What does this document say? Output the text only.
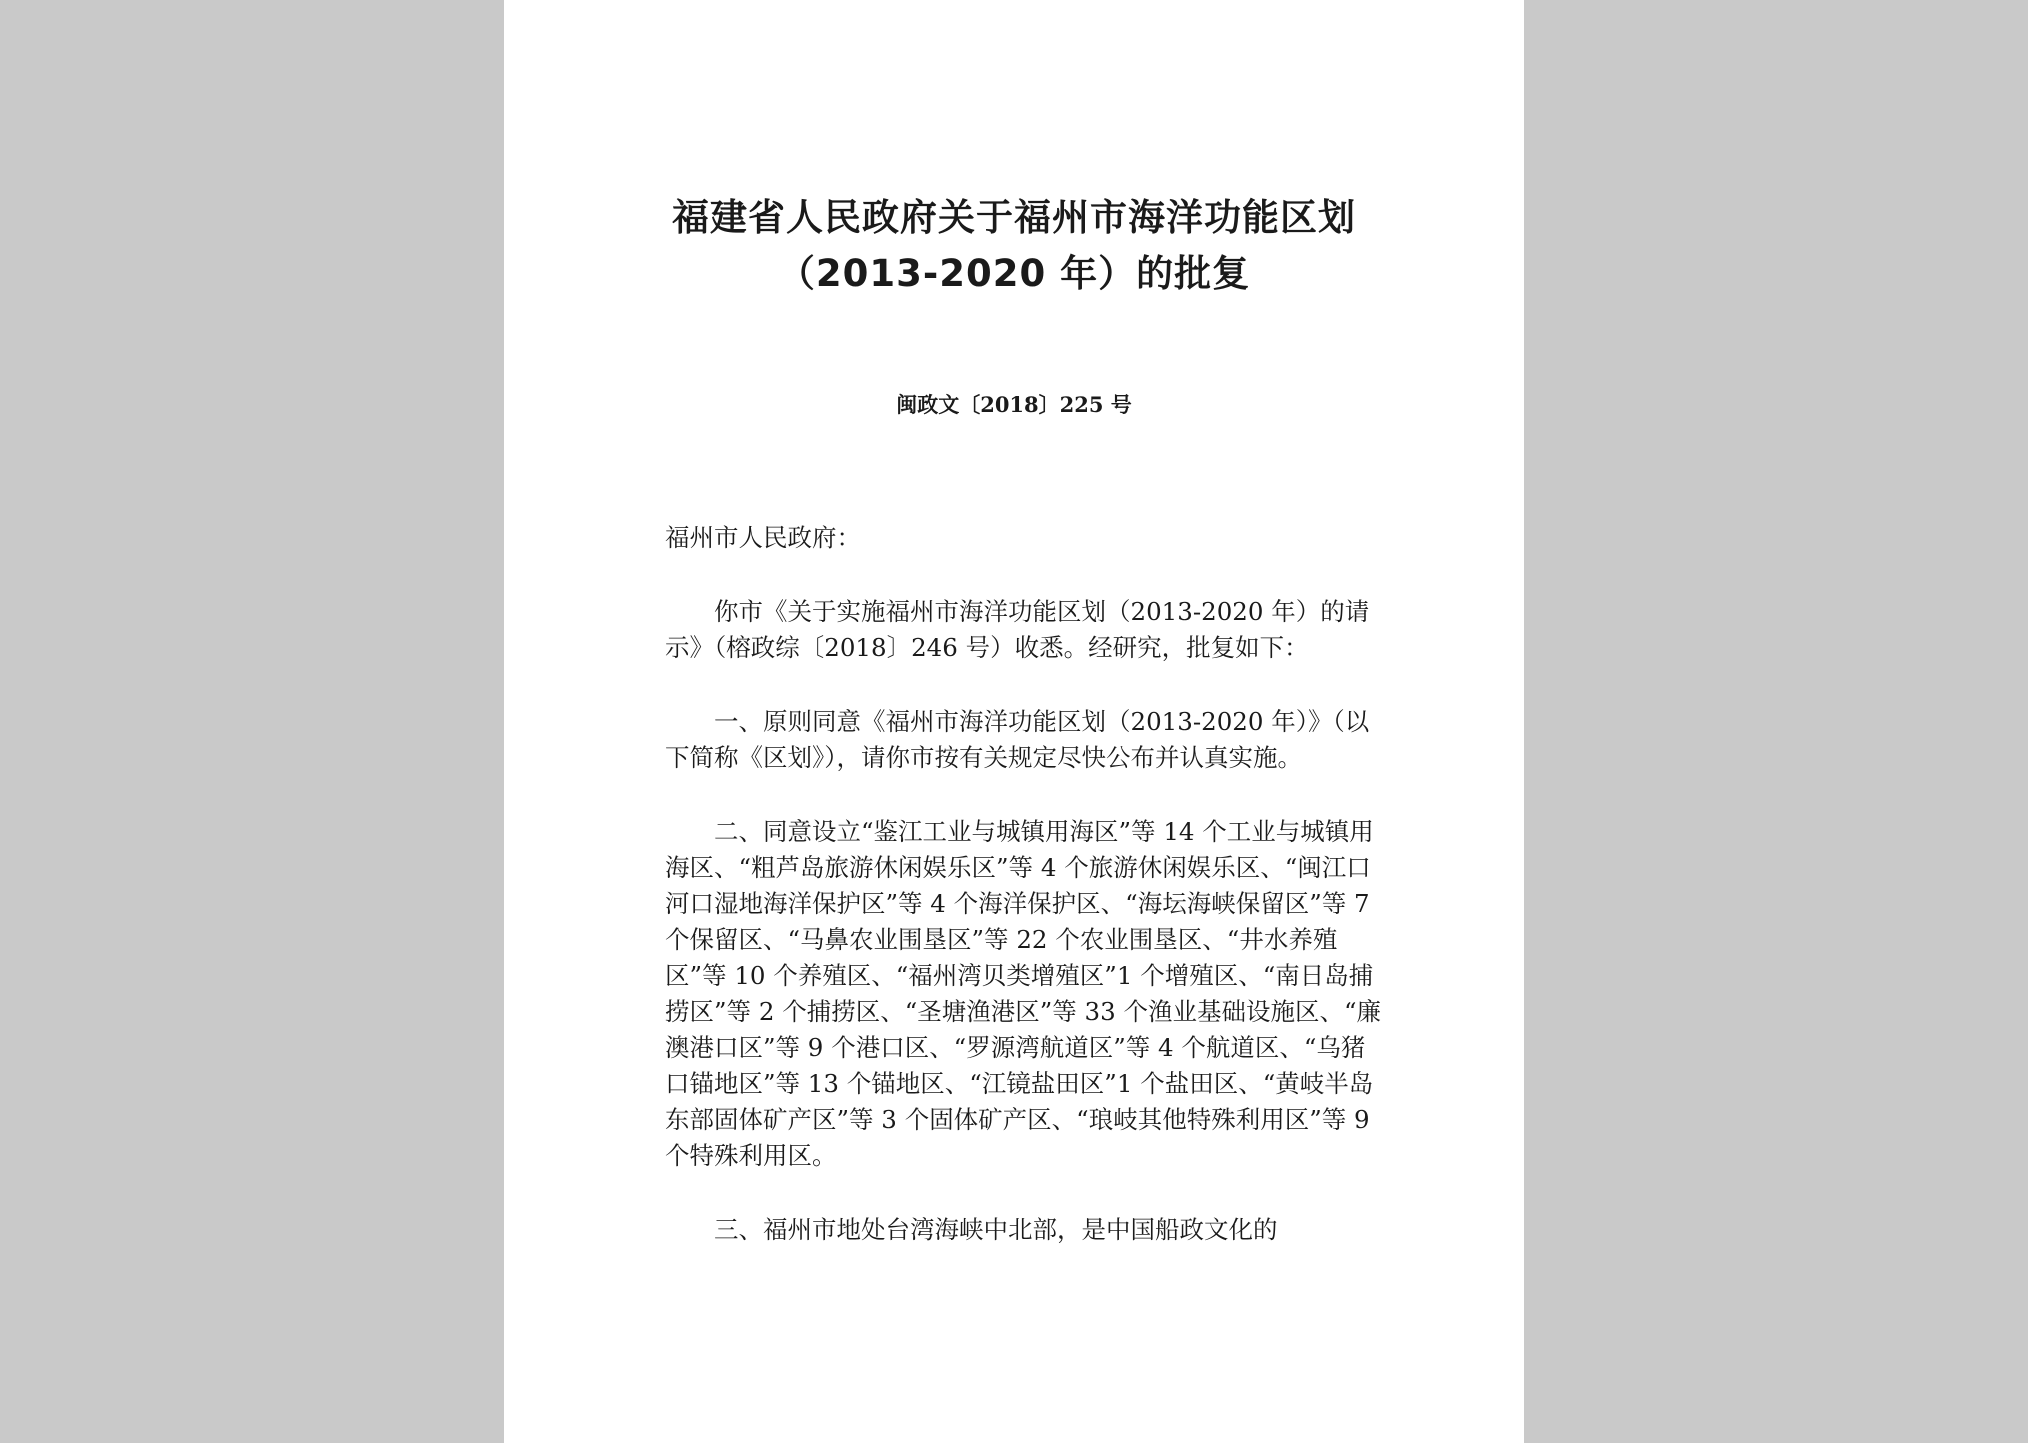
福建省人民政府关于福州市海洋功能区划
（2013-2020 年）的批复
闽政文〔2018〕225 号

福州市人民政府：

你市《关于实施福州市海洋功能区划（2013-2020 年）的请示》（榕政综〔2018〕246 号）收悉。经研究，批复如下：

一、原则同意《福州市海洋功能区划（2013-2020 年）》（以下简称《区划》），请你市按有关规定尽快公布并认真实施。

二、同意设立“鉴江工业与城镇用海区”等 14 个工业与城镇用海区、“粗芦岛旅游休闲娱乐区”等 4 个旅游休闲娱乐区、“闽江口河口湿地海洋保护区”等 4 个海洋保护区、“海坛海峡保留区”等 7 个保留区、“马鼻农业围垦区”等 22 个农业围垦区、“井水养殖区”等 10 个养殖区、“福州湾贝类增殖区”1 个增殖区、“南日岛捕捞区”等 2 个捕捞区、“圣塘渔港区”等 33 个渔业基础设施区、“廉澳港口区”等 9 个港口区、“罗源湾航道区”等 4 个航道区、“乌猪口锚地区”等 13 个锚地区、“江镜盐田区”1 个盐田区、“黄岐半岛东部固体矿产区”等 3 个固体矿产区、“琅岐其他特殊利用区”等 9 个特殊利用区。

三、福州市地处台湾海峡中北部，是中国船政文化的
